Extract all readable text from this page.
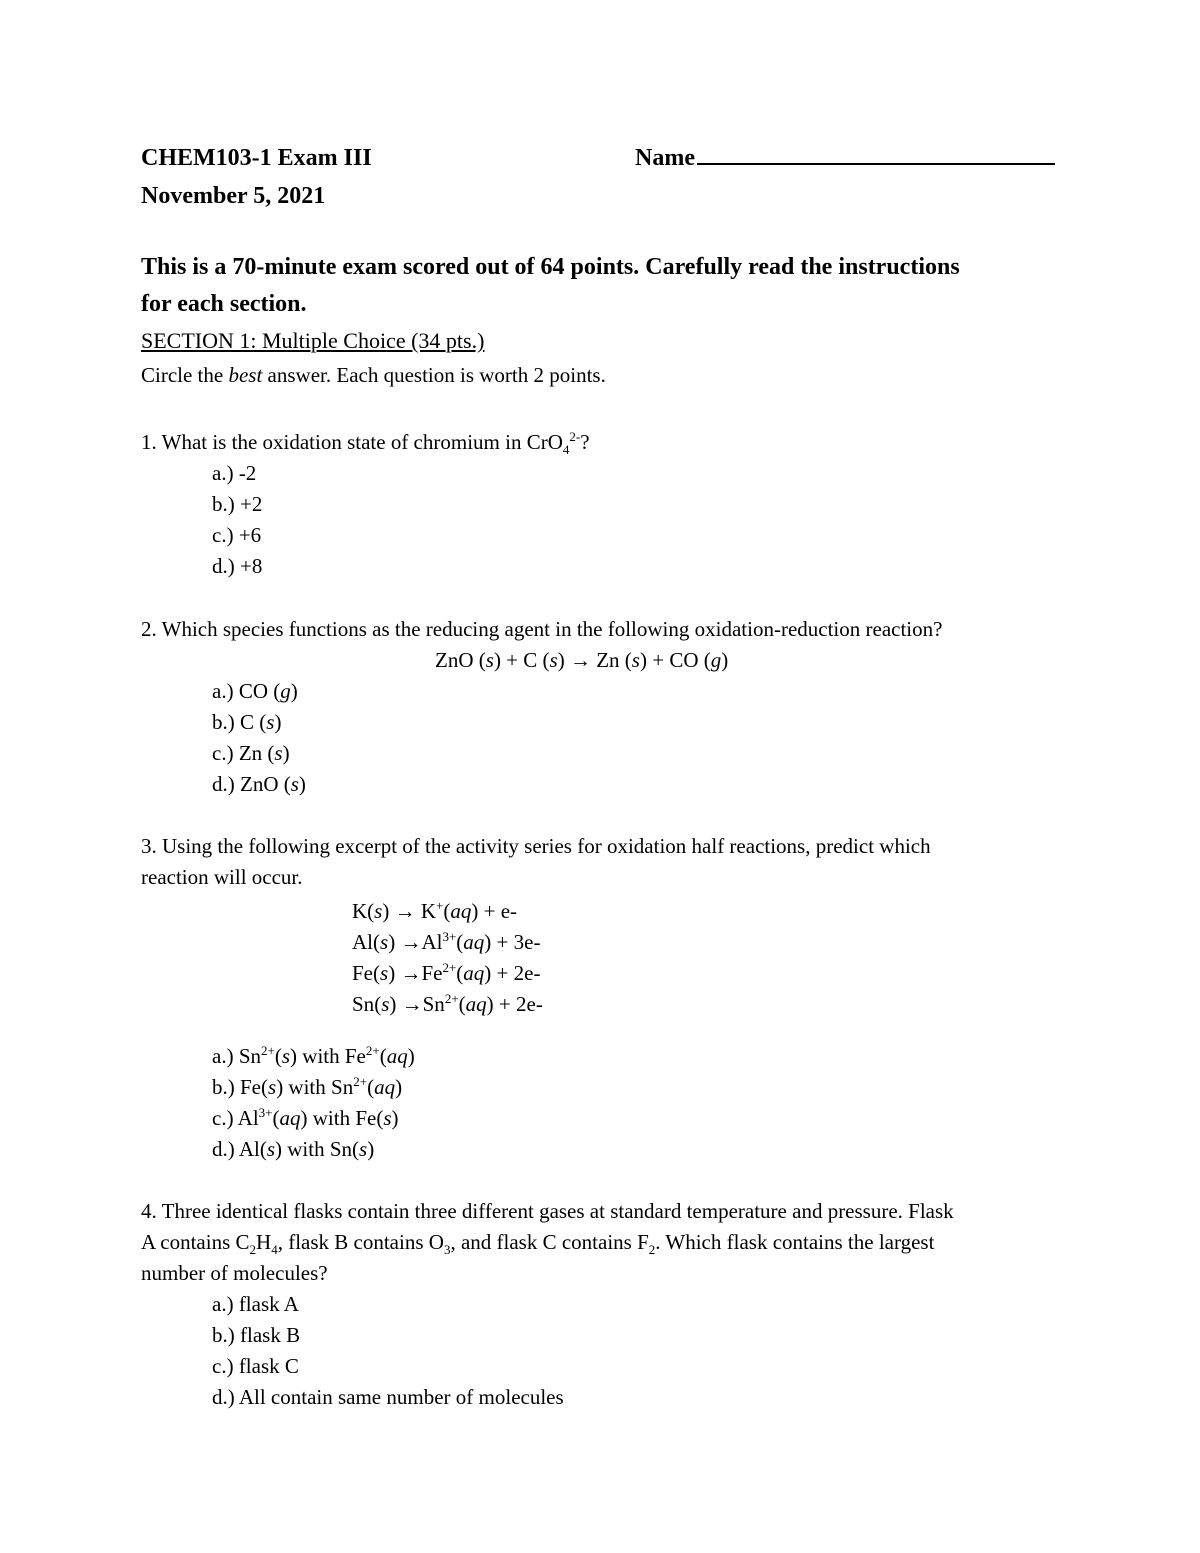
CHEM103-1 Exam III	Name
November 5, 2021
This is a 70-minute exam scored out of 64 points. Carefully read the instructions
for each section.
SECTION 1: Multiple Choice (34 pts.)
Circle the best answer. Each question is worth 2 points.
1. What is the oxidation state of chromium in CrO$_4^{2-}$?
a.) -2
b.) +2
c.) +6
d.) +8
2. Which species functions as the reducing agent in the following oxidation-reduction reaction?
ZnO (s) + C (s) → Zn (s) + CO (g)
a.) CO (g)
b.) C (s)
c.) Zn (s)
d.) ZnO (s)
3. Using the following excerpt of the activity series for oxidation half reactions, predict which
reaction will occur.
K(s) → K+(aq) + e-
$Al(s) \to Al^{3+}(aq) + 3e-$
$Fe(s) \to Fe^{2+}(aq) + 2e-$
$Sn(s) \to Sn^{2+}(aq) + 2e-$
a.) $Sn^{2+}(s)$ with $Fe^{2+}(aq)$
b.) Fe(s) with $Sn^{2+}(aq)$
c.) $Al^{3+}(aq)$ with Fe(s)
d.) Al(s) with Sn(s)
4. Three identical flasks contain three different gases at standard temperature and pressure. Flask
A contains $C_2H_4$, flask B contains $O_3$, and flask C contains $F_2$. Which flask contains the largest
number of molecules?
a.) flask A
b.) flask B
c.) flask C
d.) All contain same number of molecules
